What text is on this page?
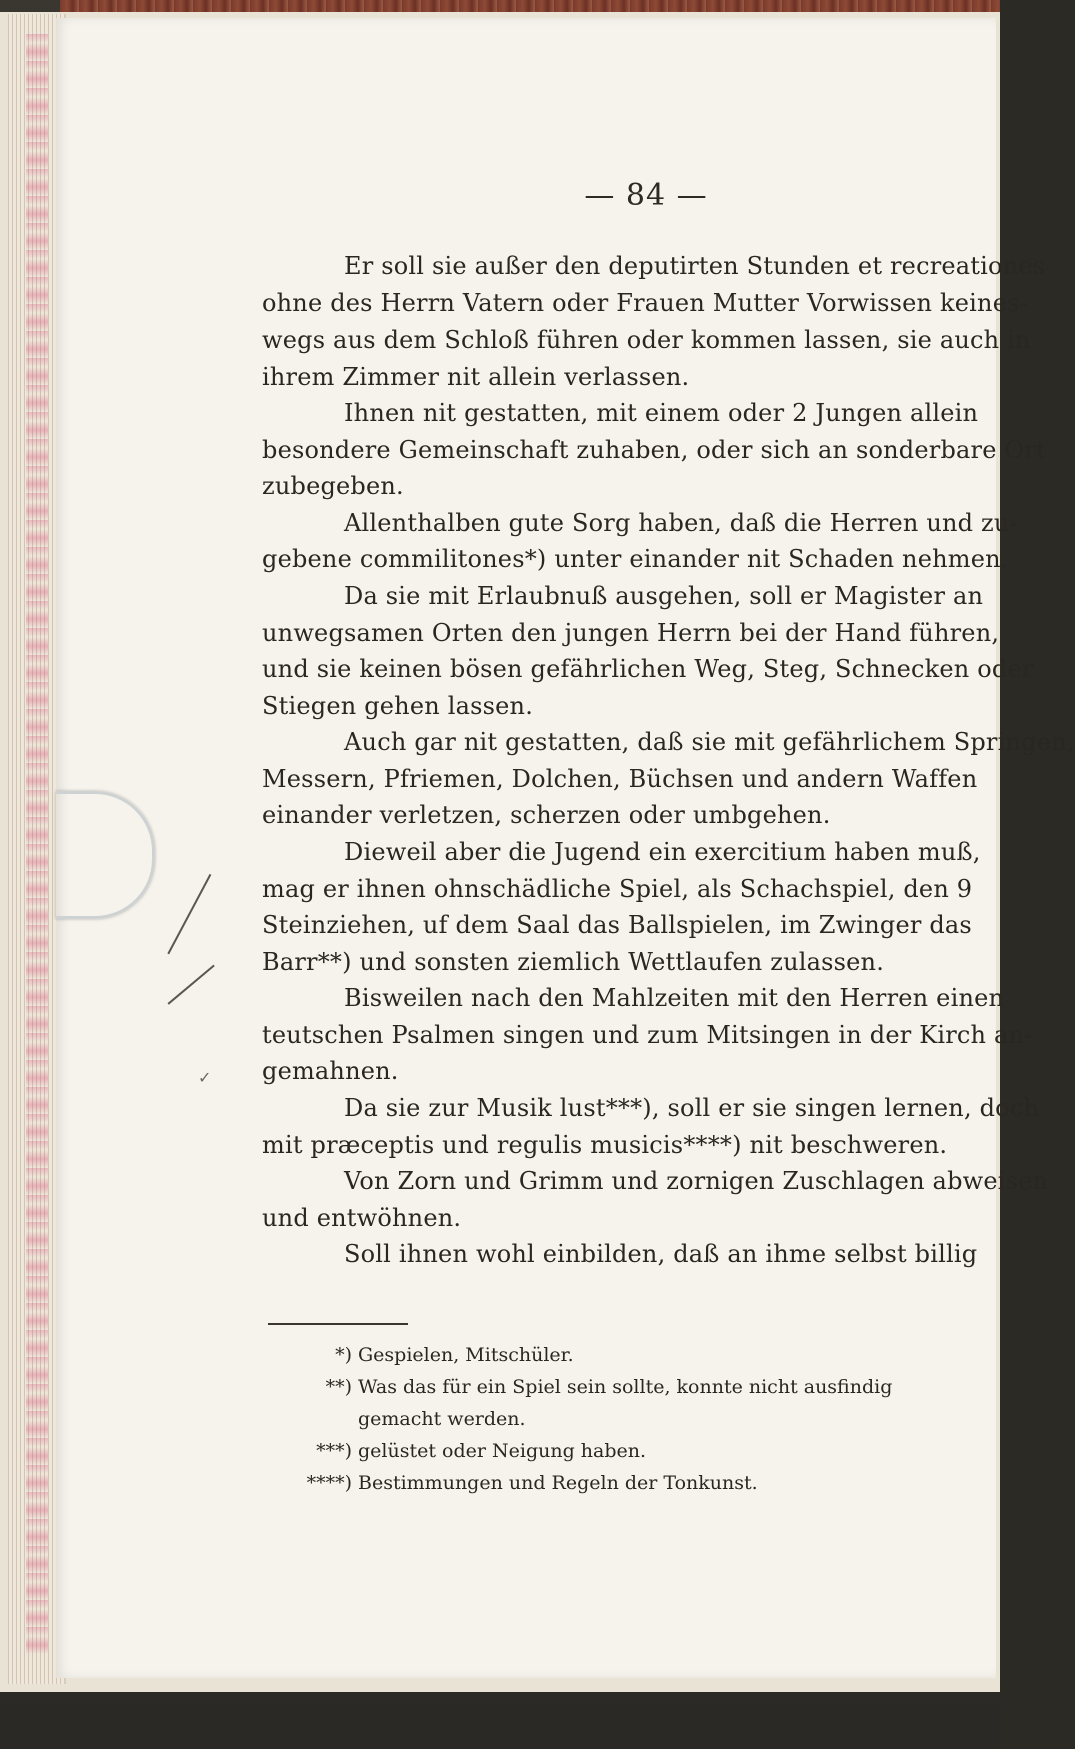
— 84 —
Er soll sie außer den deputirten Stunden et recreationes
ohne des Herrn Vatern oder Frauen Mutter Vorwissen keines-
wegs aus dem Schloß führen oder kommen lassen, sie auch in
ihrem Zimmer nit allein verlassen.
Ihnen nit gestatten, mit einem oder 2 Jungen allein
besondere Gemeinschaft zuhaben, oder sich an sonderbare Ort
zubegeben.
Allenthalben gute Sorg haben, daß die Herren und zu-
gebene commilitones*) unter einander nit Schaden nehmen.
Da sie mit Erlaubnuß ausgehen, soll er Magister an
unwegsamen Orten den jungen Herrn bei der Hand führen,
und sie keinen bösen gefährlichen Weg, Steg, Schnecken oder
Stiegen gehen lassen.
Auch gar nit gestatten, daß sie mit gefährlichem Springen,
Messern, Pfriemen, Dolchen, Büchsen und andern Waffen
einander verletzen, scherzen oder umbgehen.
Dieweil aber die Jugend ein exercitium haben muß,
mag er ihnen ohnschädliche Spiel, als Schachspiel, den 9
Steinziehen, uf dem Saal das Ballspielen, im Zwinger das
Barr**) und sonsten ziemlich Wettlaufen zulassen.
Bisweilen nach den Mahlzeiten mit den Herren einen
teutschen Psalmen singen und zum Mitsingen in der Kirch an-
gemahnen.
Da sie zur Musik lust***), soll er sie singen lernen, doch
mit præceptis und regulis musicis****) nit beschweren.
Von Zorn und Grimm und zornigen Zuschlagen abweisen
und entwöhnen.
Soll ihnen wohl einbilden, daß an ihme selbst billig
*) Gespielen, Mitschüler.
**) Was das für ein Spiel sein sollte, konnte nicht ausfindig
gemacht werden.
***) gelüstet oder Neigung haben.
****) Bestimmungen und Regeln der Tonkunst.
✓
